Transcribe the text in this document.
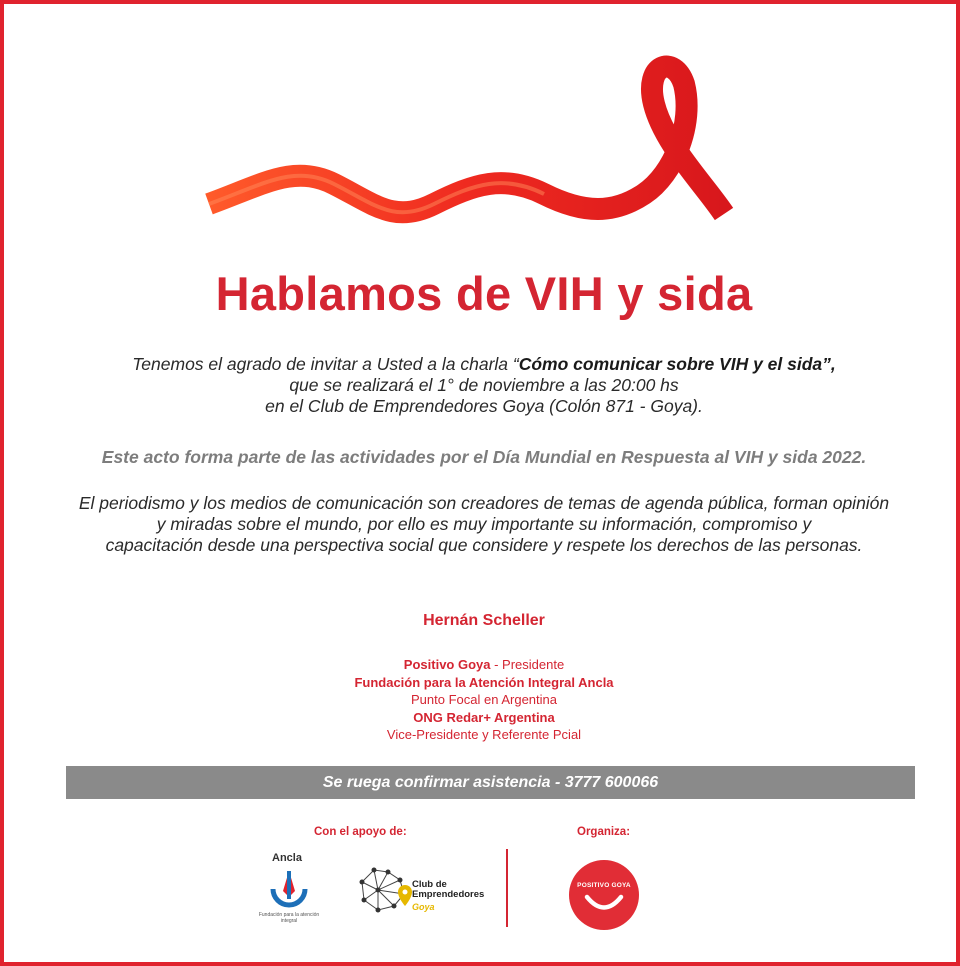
Hablamos de VIH y sida
Tenemos el agrado de invitar a Usted a la charla “Cómo comunicar sobre VIH y el sida”,
que se realizará el 1° de noviembre a las 20:00 hs
en el Club de Emprendedores Goya (Colón 871 - Goya).
Este acto forma parte de las actividades por el Día Mundial en Respuesta al VIH y sida 2022.
El periodismo y los medios de comunicación son creadores de temas de agenda pública, forman opinión
y miradas sobre el mundo, por ello es muy importante su información, compromiso y
capacitación desde una perspectiva social que considere y respete los derechos de las personas.
Hernán Scheller
Positivo Goya - Presidente
Fundación para la Atención Integral Ancla
Punto Focal en Argentina
ONG Redar+ Argentina
Vice-Presidente y Referente Pcial
Se ruega confirmar asistencia - 3777 600066
Con el apoyo de:	Organiza:
Ancla
Fundación para la atención integral
Club de Emprendedores
Goya
POSITIVO GOYA
